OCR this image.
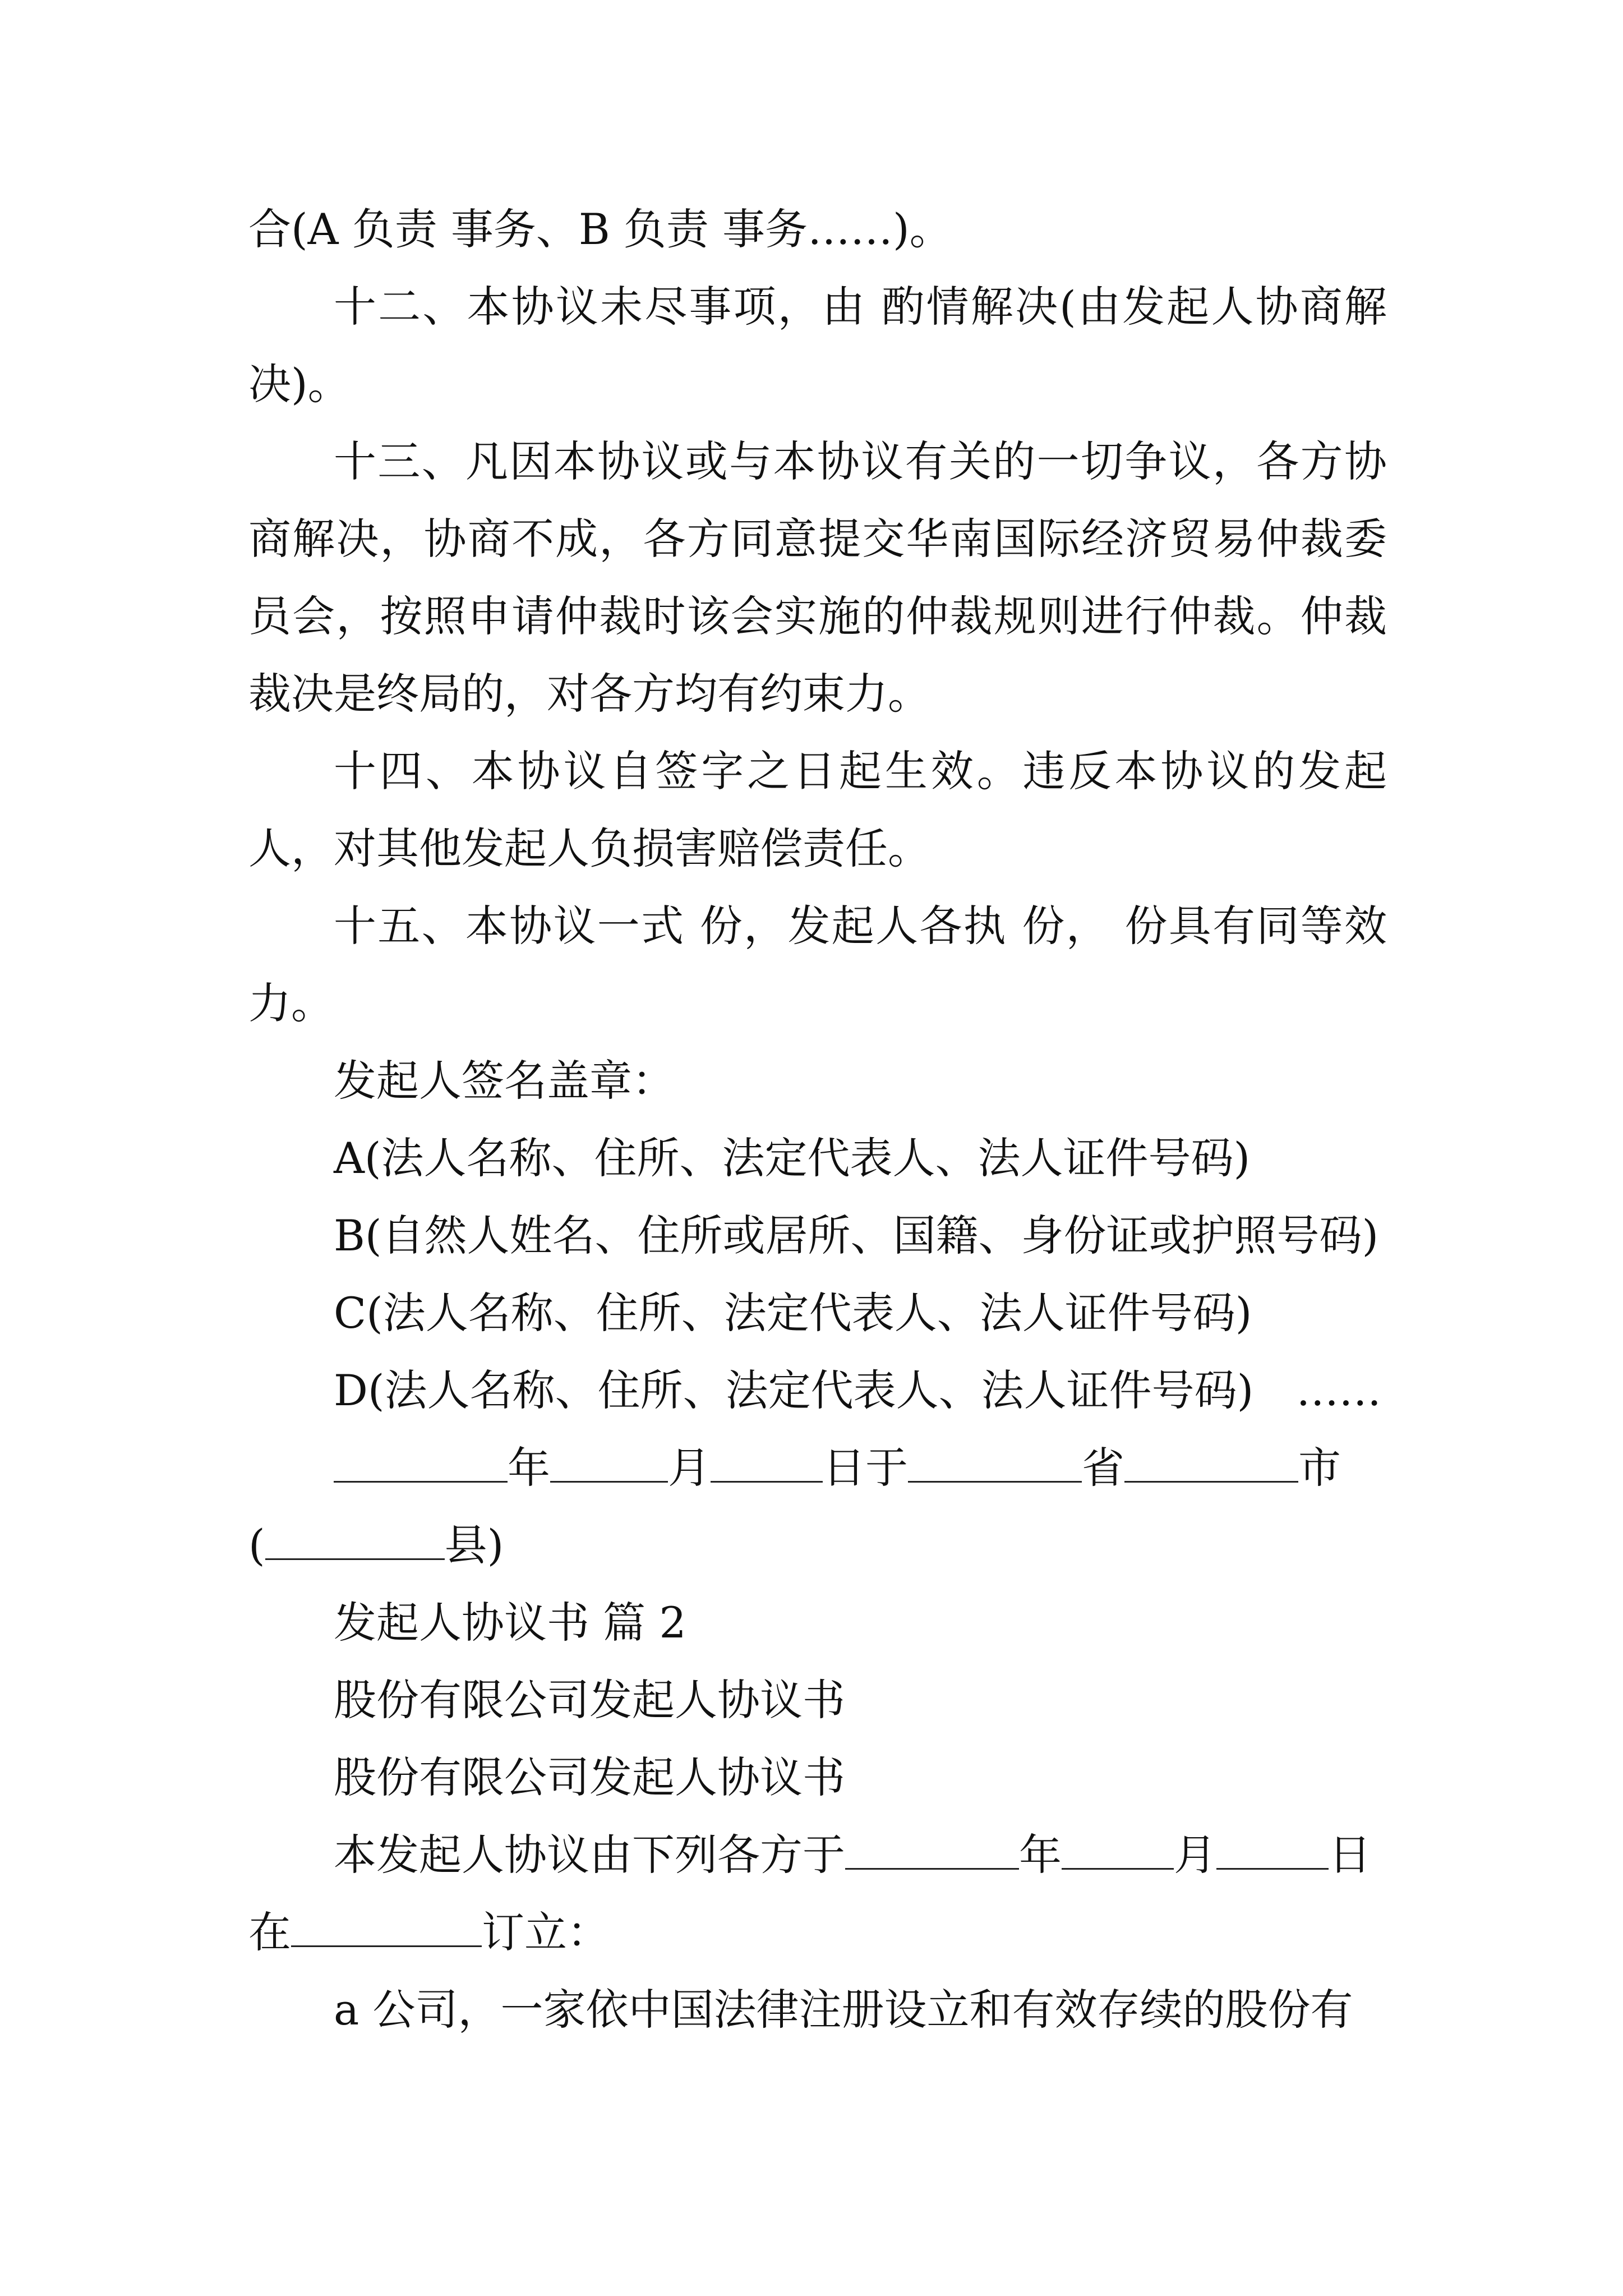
合(A 负责 事务、B 负责 事务……)。

十二、本协议未尽事项，由 酌情解决(由发起人协商解决)。

十三、凡因本协议或与本协议有关的一切争议，各方协商解决，协商不成，各方同意提交华南国际经济贸易仲裁委员会，按照申请仲裁时该会实施的仲裁规则进行仲裁。仲裁裁决是终局的，对各方均有约束力。

十四、本协议自签字之日起生效。违反本协议的发起人，对其他发起人负损害赔偿责任。

十五、本协议一式 份，发起人各执 份， 份具有同等效力。

发起人签名盖章：

A(法人名称、住所、法定代表人、法人证件号码)

B(自然人姓名、住所或居所、国籍、身份证或护照号码)

C(法人名称、住所、法定代表人、法人证件号码)

D(法人名称、住所、法定代表人、法人证件号码) ……

年	月	日于	省	市
(	县)

发起人协议书 篇 2

股份有限公司发起人协议书

股份有限公司发起人协议书

本发起人协议由下列各方于	年	月	日
在	订立：

a 公司，一家依中国法律注册设立和有效存续的股份有
